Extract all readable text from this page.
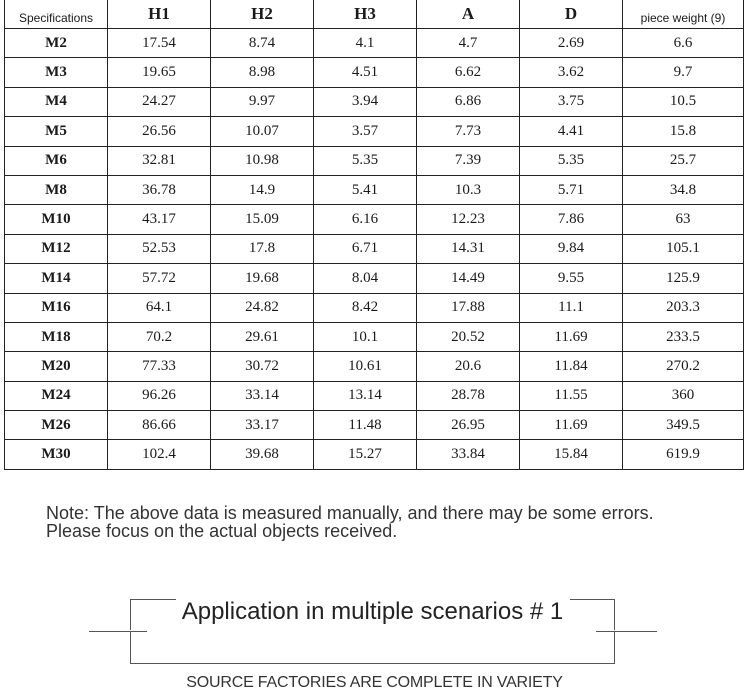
Specifications	H1	H2	H3	A	D	piece weight (9)
M2	17.54	8.74	4.1	4.7	2.69	6.6
M3	19.65	8.98	4.51	6.62	3.62	9.7
M4	24.27	9.97	3.94	6.86	3.75	10.5
M5	26.56	10.07	3.57	7.73	4.41	15.8
M6	32.81	10.98	5.35	7.39	5.35	25.7
M8	36.78	14.9	5.41	10.3	5.71	34.8
M10	43.17	15.09	6.16	12.23	7.86	63
M12	52.53	17.8	6.71	14.31	9.84	105.1
M14	57.72	19.68	8.04	14.49	9.55	125.9
M16	64.1	24.82	8.42	17.88	11.1	203.3
M18	70.2	29.61	10.1	20.52	11.69	233.5
M20	77.33	30.72	10.61	20.6	11.84	270.2
M24	96.26	33.14	13.14	28.78	11.55	360
M26	86.66	33.17	11.48	26.95	11.69	349.5
M30	102.4	39.68	15.27	33.84	15.84	619.9
Note: The above data is measured manually, and there may be some errors.
Please focus on the actual objects received.
Application in multiple scenarios # 1
SOURCE FACTORIES ARE COMPLETE IN VARIETY
